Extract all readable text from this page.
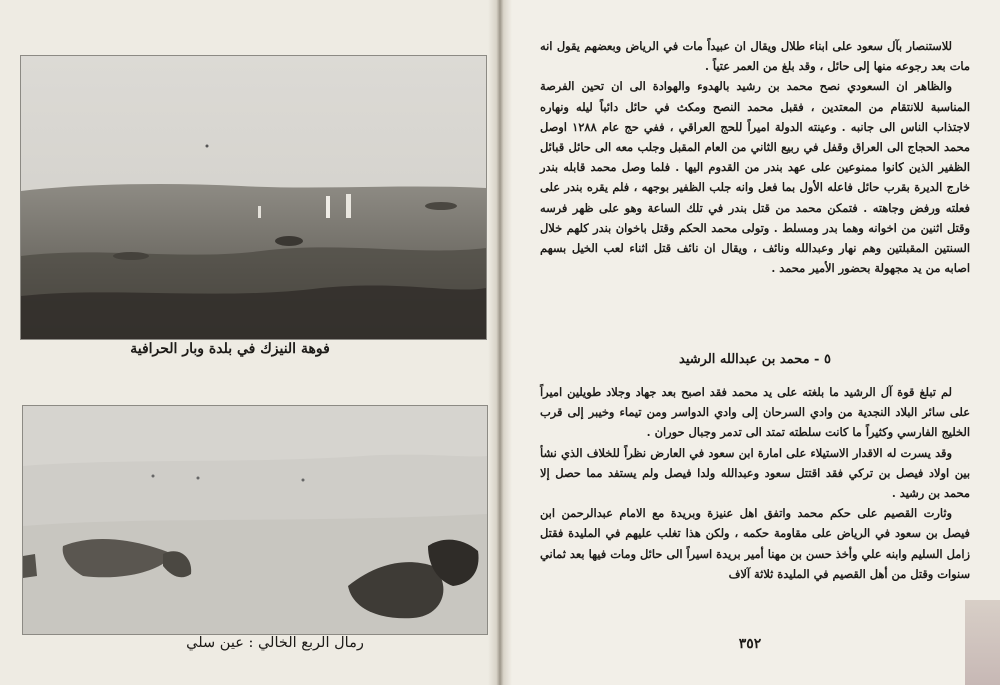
فوهة النيزك في بلدة وبار الحرافية
رمال الربع الخالي : عين سلي

للاستنصار بآل سعود على ابناء طلال ويقال ان عبيداً مات في الرياض وبعضهم يقول انه مات بعد رجوعه منها إلى حائل ، وقد بلغ من العمر عتياً .

والظاهر ان السعودي نصح محمد بن رشيد بالهدوء والهوادة الى ان تحين الفرصة المناسبة للانتقام من المعتدين ، فقبل محمد النصح ومكث في حائل دائباً ليله ونهاره لاجتذاب الناس الى جانبه . وعينته الدولة اميراً للحج العراقي ، ففي حج عام ١٢٨٨ اوصل محمد الحجاج الى العراق وقفل في ربيع الثاني من العام المقبل وجلب معه الى حائل قبائل الظفير الذين كانوا ممنوعين على عهد بندر من القدوم اليها . فلما وصل محمد قابله بندر خارج الديرة بقرب حائل فاعله الأول بما فعل وانه جلب الظفير بوجهه ، فلم يقره بندر على فعلته ورفض وجاهته . فتمكن محمد من قتل بندر في تلك الساعة وهو على ظهر فرسه وقتل اثنين من اخوانه وهما بدر ومسلط . وتولى محمد الحكم وقتل باخوان بندر كلهم خلال السنتين المقبلتين وهم نهار وعبدالله ونائف ، ويقال ان نائف قتل اثناء لعب الخيل بسهم اصابه من يد مجهولة بحضور الأمير محمد .

٥ - محمد بن عبدالله الرشيد

لم تبلغ قوة آل الرشيد ما بلغته على يد محمد فقد اصبح بعد جهاد وجلاد طويلين اميراً على سائر البلاد النجدية من وادي السرحان إلى وادي الدواسر ومن تيماء وخيبر إلى قرب الخليج الفارسي وكثيراً ما كانت سلطته تمتد الى تدمر وجبال حوران .

وقد يسرت له الاقدار الاستيلاء على امارة ابن سعود في العارض نظراً للخلاف الذي نشأ بين اولاد فيصل بن تركي فقد اقتتل سعود وعبدالله ولدا فيصل ولم يستفد مما حصل إلا محمد بن رشيد .

وثارت القصيم على حكم محمد واتفق اهل عنيزة وبريدة مع الامام عبدالرحمن ابن فيصل بن سعود في الرياض على مقاومة حكمه ، ولكن هذا تغلب عليهم في المليدة فقتل زامل السليم وابنه علي وأخذ حسن بن مهنا أمير بريدة اسيراً الى حائل ومات فيها بعد ثماني سنوات وقتل من أهل القصيم في المليدة ثلاثة آلاف

٣٥٢
